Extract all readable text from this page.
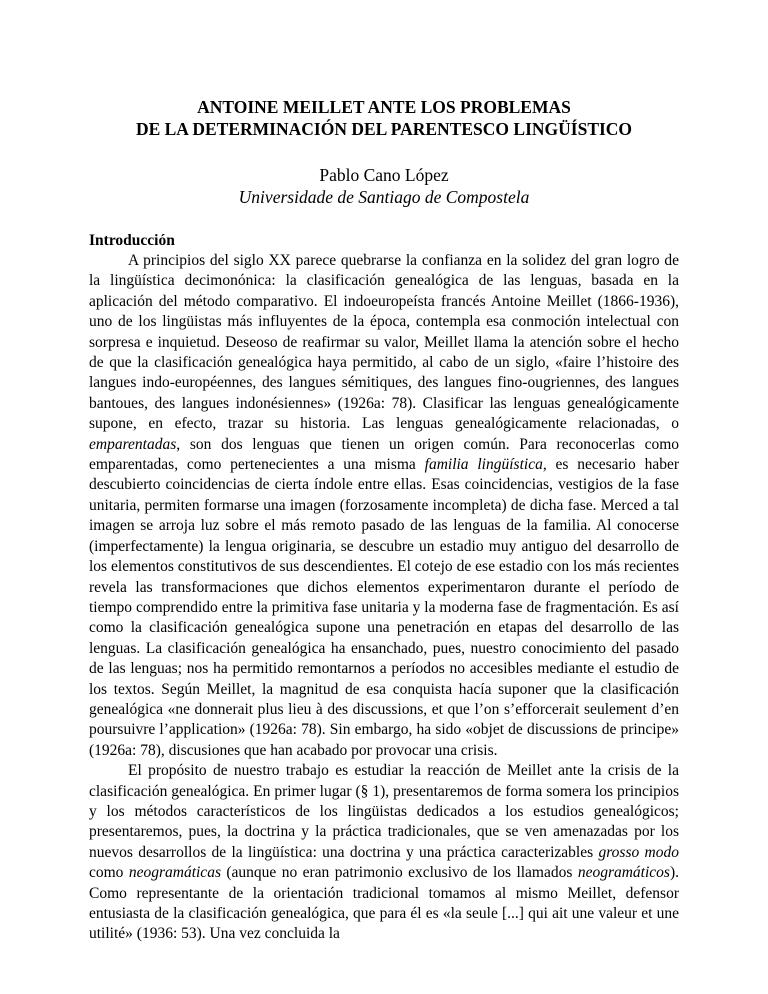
ANTOINE MEILLET ANTE LOS PROBLEMAS
DE LA DETERMINACIÓN DEL PARENTESCO LINGÜÍSTICO
Pablo Cano López
Universidade de Santiago de Compostela
Introducción

A principios del siglo XX parece quebrarse la confianza en la solidez del gran logro de la lingüística decimonónica: la clasificación genealógica de las lenguas, basada en la aplicación del método comparativo. El indoeuropeísta francés Antoine Meillet (1866-1936), uno de los lingüistas más influyentes de la época, contempla esa conmoción intelectual con sorpresa e inquietud. Deseoso de reafirmar su valor, Meillet llama la atención sobre el hecho de que la clasificación genealógica haya permitido, al cabo de un siglo, «faire l’histoire des langues indo-européennes, des langues sémitiques, des langues fino-ougriennes, des langues bantoues, des langues indonésiennes» (1926a: 78). Clasificar las lenguas genealógicamente supone, en efecto, trazar su historia. Las lenguas genealógicamente relacionadas, o emparentadas, son dos lenguas que tienen un origen común. Para reconocerlas como emparentadas, como pertenecientes a una misma familia lingüística, es necesario haber descubierto coincidencias de cierta índole entre ellas. Esas coincidencias, vestigios de la fase unitaria, permiten formarse una imagen (forzosamente incompleta) de dicha fase. Merced a tal imagen se arroja luz sobre el más remoto pasado de las lenguas de la familia. Al conocerse (imperfectamente) la lengua originaria, se descubre un estadio muy antiguo del desarrollo de los elementos constitutivos de sus descendientes. El cotejo de ese estadio con los más recientes revela las transformaciones que dichos elementos experimentaron durante el período de tiempo comprendido entre la primitiva fase unitaria y la moderna fase de fragmentación. Es así como la clasificación genealógica supone una penetración en etapas del desarrollo de las lenguas. La clasificación genealógica ha ensanchado, pues, nuestro conocimiento del pasado de las lenguas; nos ha permitido remontarnos a períodos no accesibles mediante el estudio de los textos. Según Meillet, la magnitud de esa conquista hacía suponer que la clasificación genealógica «ne donnerait plus lieu à des discussions, et que l’on s’efforcerait seulement d’en poursuivre l’application» (1926a: 78). Sin embargo, ha sido «objet de discussions de principe» (1926a: 78), discusiones que han acabado por provocar una crisis.

El propósito de nuestro trabajo es estudiar la reacción de Meillet ante la crisis de la clasificación genealógica. En primer lugar (§ 1), presentaremos de forma somera los principios y los métodos característicos de los lingüistas dedicados a los estudios genealógicos; presentaremos, pues, la doctrina y la práctica tradicionales, que se ven amenazadas por los nuevos desarrollos de la lingüística: una doctrina y una práctica caracterizables grosso modo como neogramáticas (aunque no eran patrimonio exclusivo de los llamados neogramáticos). Como representante de la orientación tradicional tomamos al mismo Meillet, defensor entusiasta de la clasificación genealógica, que para él es «la seule [...] qui ait une valeur et une utilité» (1936: 53). Una vez concluida la
